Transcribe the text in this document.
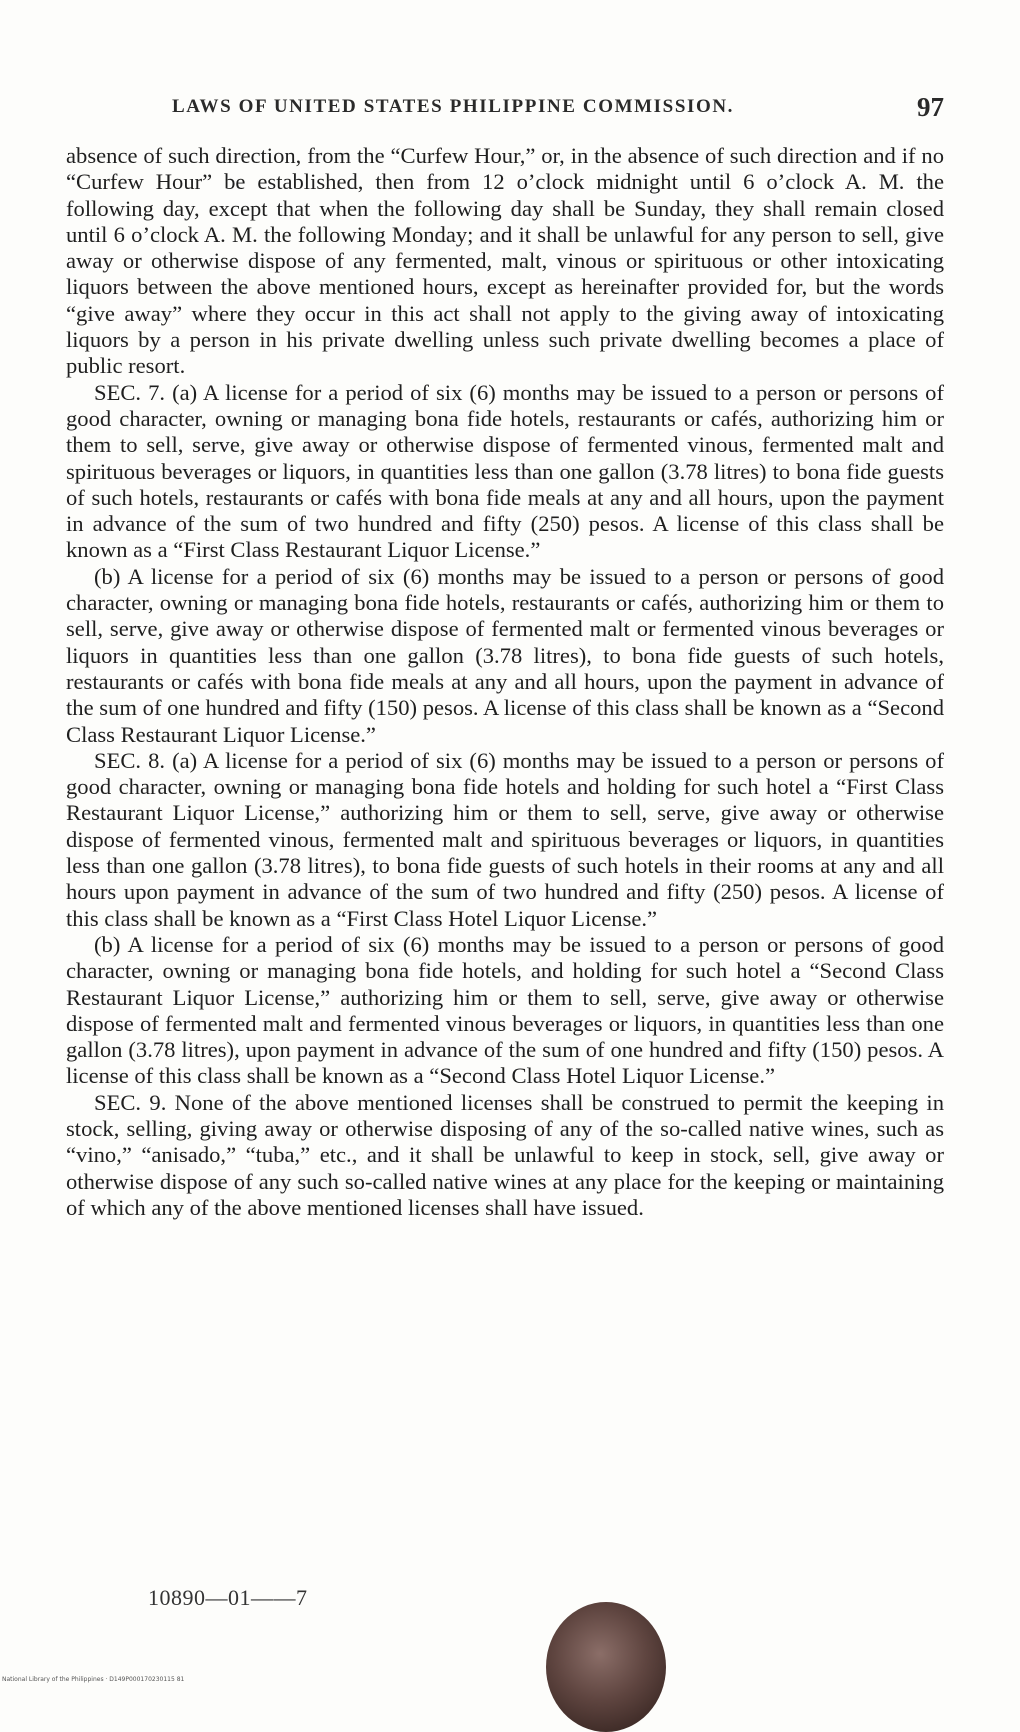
LAWS OF UNITED STATES PHILIPPINE COMMISSION.	97

absence of such direction, from the “Curfew Hour,” or, in the absence of such direction and if no “Curfew Hour” be established, then from 12 o’clock midnight until 6 o’clock A. M. the following day, except that when the following day shall be Sunday, they shall remain closed until 6 o’clock A. M. the following Monday; and it shall be unlawful for any person to sell, give away or otherwise dispose of any fermented, malt, vinous or spirituous or other intoxicating liquors between the above mentioned hours, except as hereinafter provided for, but the words “give away” where they occur in this act shall not apply to the giving away of intoxicating liquors by a person in his private dwelling unless such private dwelling becomes a place of public resort.

SEC. 7. (a) A license for a period of six (6) months may be issued to a person or persons of good character, owning or managing bona fide hotels, restaurants or cafés, authorizing him or them to sell, serve, give away or otherwise dispose of fermented vinous, fermented malt and spirituous beverages or liquors, in quantities less than one gallon (3.78 litres) to bona fide guests of such hotels, restaurants or cafés with bona fide meals at any and all hours, upon the payment in advance of the sum of two hundred and fifty (250) pesos. A license of this class shall be known as a “First Class Restaurant Liquor License.”

(b) A license for a period of six (6) months may be issued to a person or persons of good character, owning or managing bona fide hotels, restaurants or cafés, authorizing him or them to sell, serve, give away or otherwise dispose of fermented malt or fermented vinous beverages or liquors in quantities less than one gallon (3.78 litres), to bona fide guests of such hotels, restaurants or cafés with bona fide meals at any and all hours, upon the payment in advance of the sum of one hundred and fifty (150) pesos. A license of this class shall be known as a “Second Class Restaurant Liquor License.”

SEC. 8. (a) A license for a period of six (6) months may be issued to a person or persons of good character, owning or managing bona fide hotels and holding for such hotel a “First Class Restaurant Liquor License,” authorizing him or them to sell, serve, give away or otherwise dispose of fermented vinous, fermented malt and spirituous beverages or liquors, in quantities less than one gallon (3.78 litres), to bona fide guests of such hotels in their rooms at any and all hours upon payment in advance of the sum of two hundred and fifty (250) pesos. A license of this class shall be known as a “First Class Hotel Liquor License.”

(b) A license for a period of six (6) months may be issued to a person or persons of good character, owning or managing bona fide hotels, and holding for such hotel a “Second Class Restaurant Liquor License,” authorizing him or them to sell, serve, give away or otherwise dispose of fermented malt and fermented vinous beverages or liquors, in quantities less than one gallon (3.78 litres), upon payment in advance of the sum of one hundred and fifty (150) pesos. A license of this class shall be known as a “Second Class Hotel Liquor License.”

SEC. 9. None of the above mentioned licenses shall be construed to permit the keeping in stock, selling, giving away or otherwise disposing of any of the so-called native wines, such as “vino,” “anisado,” “tuba,” etc., and it shall be unlawful to keep in stock, sell, give away or otherwise dispose of any such so-called native wines at any place for the keeping or maintaining of which any of the above mentioned licenses shall have issued.

10890—01——7
National Library of the Philippines · D149P000170230115 81
